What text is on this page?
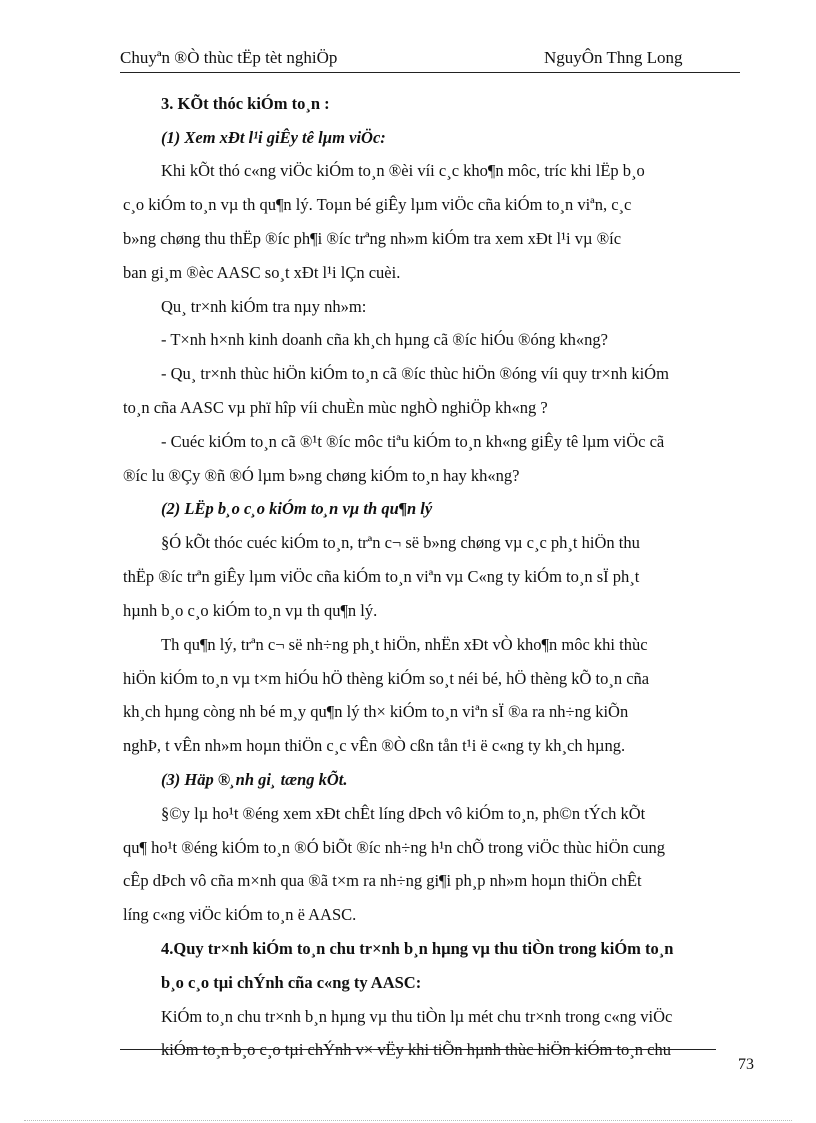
Chuyªn ®Ò thùc tËp tèt nghiÖp	NguyÔn Thng Long
3. KÕt thóc kiÓm to¸n :
(1) Xem xÐt l¹i giÊy tê lµm viÖc:
Khi kÕt thó c«ng viÖc kiÓm to¸n ®èi víi c¸c kho¶n môc, tríc khi lËp b¸o
c¸o kiÓm to¸n vµ th qu¶n lý. Toµn bé giÊy lµm viÖc cña kiÓm to¸n viªn, c¸c
b»ng chøng thu thËp ®íc ph¶i ®íc trªng nh»m kiÓm tra xem xÐt l¹i vµ ®íc
ban gi¸m ®èc AASC so¸t xÐt l¹i lÇn cuèi.
Qu¸ tr×nh kiÓm tra nµy nh»m:
- T×nh h×nh kinh doanh cña kh¸ch hµng cã ®íc hiÓu ®óng kh«ng?
- Qu¸ tr×nh thùc hiÖn kiÓm to¸n cã ®íc thùc hiÖn ®óng víi quy tr×nh kiÓm
to¸n cña AASC vµ phï hîp víi chuÈn mùc nghÒ nghiÖp kh«ng ?
- Cuéc kiÓm to¸n cã ®¹t ®íc môc tiªu kiÓm to¸n kh«ng giÊy tê lµm viÖc cã
®íc lu ®Çy ®ñ ®Ó lµm b»ng chøng kiÓm to¸n hay kh«ng?
(2) LËp b¸o c¸o kiÓm to¸n vµ th qu¶n lý
§Ó kÕt thóc cuéc kiÓm to¸n, trªn c¬ së b»ng chøng vµ c¸c ph¸t hiÖn thu
thËp ®íc trªn giÊy lµm viÖc cña kiÓm to¸n viªn vµ C«ng ty kiÓm to¸n sÏ ph¸t
hµnh b¸o c¸o kiÓm to¸n vµ th qu¶n lý.
Th qu¶n lý, trªn c¬ së nh÷ng ph¸t hiÖn, nhËn xÐt vÒ kho¶n môc khi thùc
hiÖn kiÓm to¸n vµ t×m hiÓu hÖ thèng kiÓm so¸t néi bé, hÖ thèng kÕ to¸n cña
kh¸ch hµng còng nh bé m¸y qu¶n lý th× kiÓm to¸n viªn sÏ ®a ra nh÷ng kiÕn
nghÞ, t vÊn nh»m hoµn thiÖn c¸c vÊn ®Ò cßn tån t¹i ë c«ng ty kh¸ch hµng.
(3) Häp ®¸nh gi¸ tæng kÕt.
§©y lµ ho¹t ®éng xem xÐt chÊt líng dÞch vô kiÓm to¸n, ph©n tÝch kÕt
qu¶ ho¹t ®éng kiÓm to¸n ®Ó biÕt ®íc nh÷ng h¹n chÕ trong viÖc thùc hiÖn cung
cÊp dÞch vô cña m×nh qua ®ã t×m ra nh÷ng gi¶i ph¸p nh»m hoµn thiÖn chÊt
líng c«ng viÖc kiÓm to¸n ë AASC.
4.Quy tr×nh kiÓm to¸n chu tr×nh b¸n hµng vµ thu tiÒn trong kiÓm to¸n
b¸o c¸o tµi chÝnh cña c«ng ty AASC:
KiÓm to¸n chu tr×nh b¸n hµng vµ thu tiÒn lµ mét chu tr×nh trong c«ng viÖc
kiÓm to¸n b¸o c¸o tµi chÝnh v× vËy khi tiÕn hµnh thùc hiÖn kiÓm to¸n chu
73
